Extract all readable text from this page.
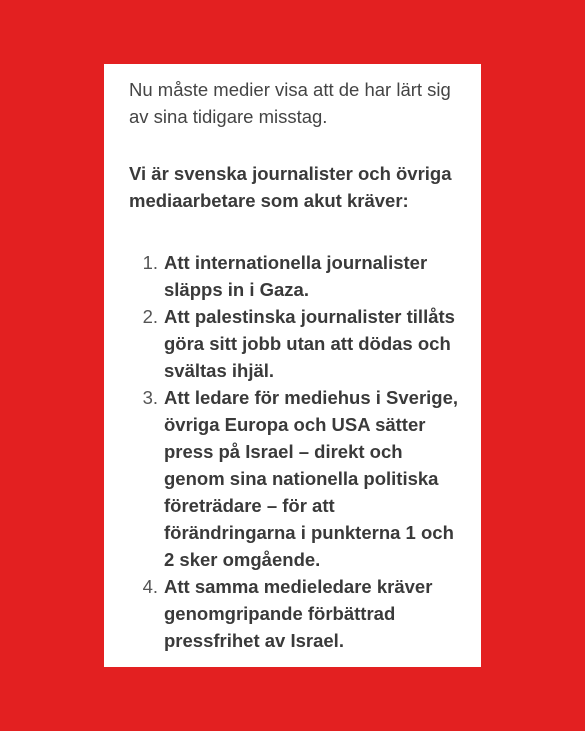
Nu måste medier visa att de har lärt sig av sina tidigare misstag.

Vi är svenska journalister och övriga mediaarbetare som akut kräver:

1. Att internationella journalister släpps in i Gaza.
2. Att palestinska journalister tillåts göra sitt jobb utan att dödas och svältas ihjäl.
3. Att ledare för mediehus i Sverige, övriga Europa och USA sätter press på Israel – direkt och genom sina nationella politiska företrädare – för att förändringarna i punkterna 1 och 2 sker omgående.
4. Att samma medieledare kräver genomgripande förbättrad pressfrihet av Israel.
